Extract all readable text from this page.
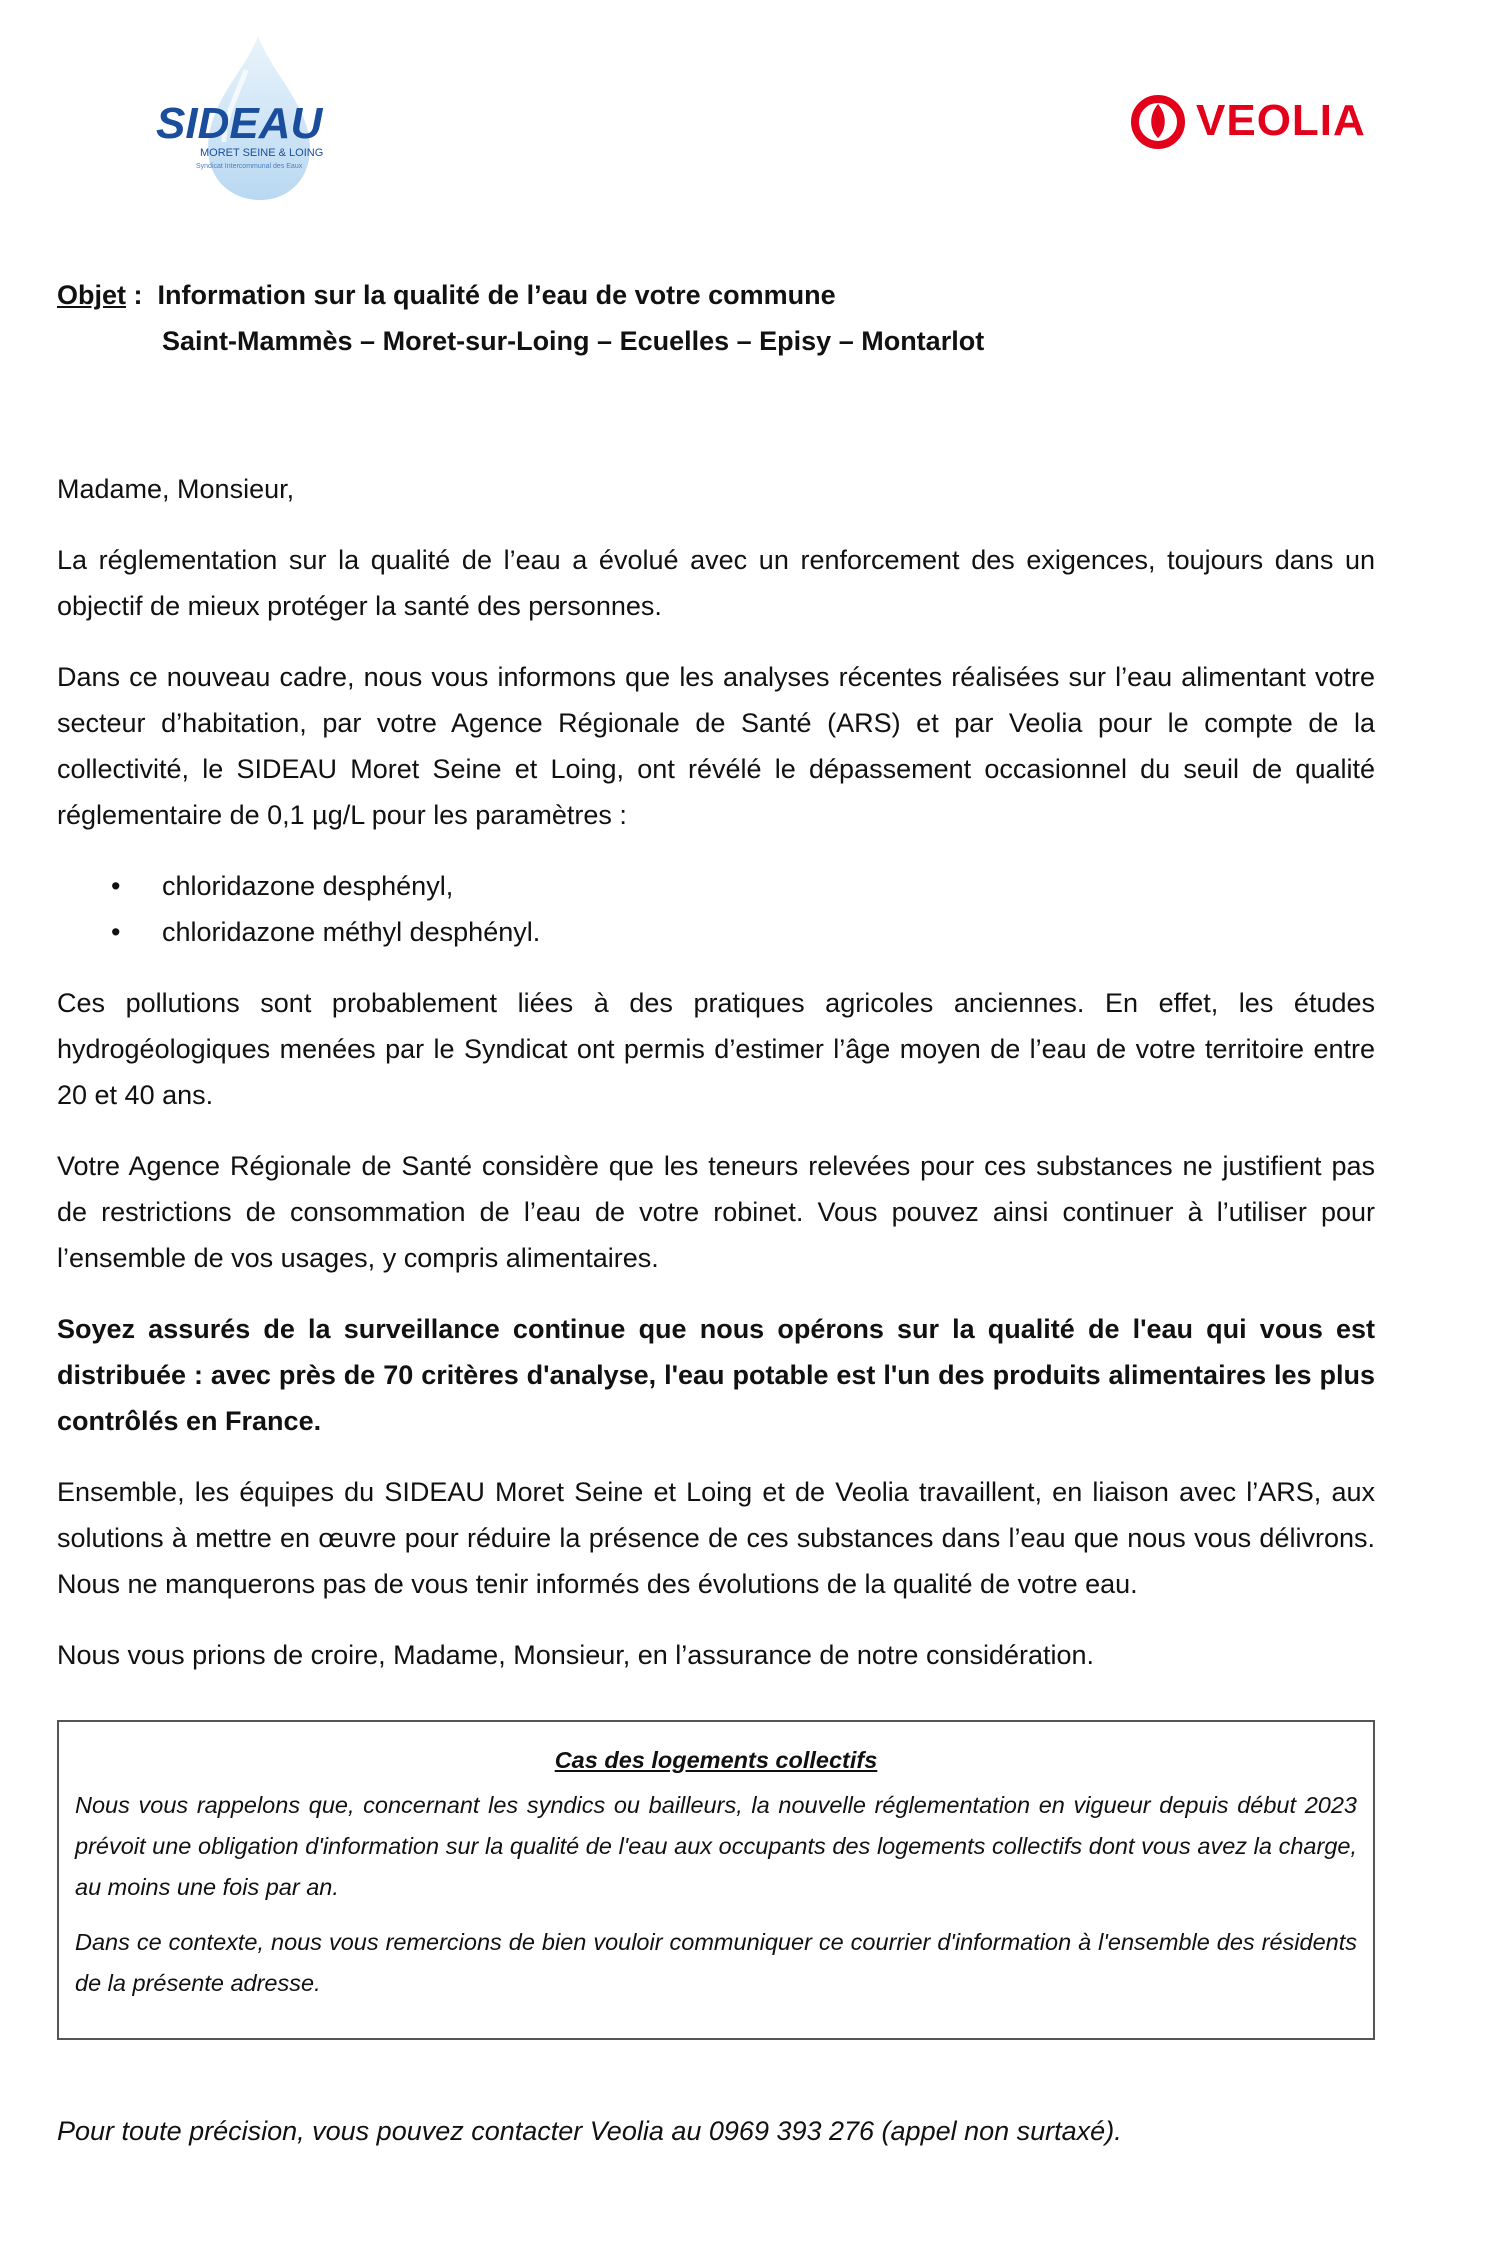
SIDEAU
MORET SEINE & LOING
Syndicat Intercommunal des Eaux
VEOLIA
Objet : Information sur la qualité de l’eau de votre commune
Saint-Mammès – Moret-sur-Loing – Ecuelles – Episy – Montarlot

Madame, Monsieur,

La réglementation sur la qualité de l’eau a évolué avec un renforcement des exigences, toujours dans un objectif de mieux protéger la santé des personnes.

Dans ce nouveau cadre, nous vous informons que les analyses récentes réalisées sur l’eau alimentant votre secteur d’habitation, par votre Agence Régionale de Santé (ARS) et par Veolia pour le compte de la collectivité, le SIDEAU Moret Seine et Loing, ont révélé le dépassement occasionnel du seuil de qualité réglementaire de 0,1 µg/L pour les paramètres :

• chloridazone desphényl,
• chloridazone méthyl desphényl.

Ces pollutions sont probablement liées à des pratiques agricoles anciennes. En effet, les études hydrogéologiques menées par le Syndicat ont permis d’estimer l’âge moyen de l’eau de votre territoire entre 20 et 40 ans.

Votre Agence Régionale de Santé considère que les teneurs relevées pour ces substances ne justifient pas de restrictions de consommation de l’eau de votre robinet. Vous pouvez ainsi continuer à l’utiliser pour l’ensemble de vos usages, y compris alimentaires.

Soyez assurés de la surveillance continue que nous opérons sur la qualité de l'eau qui vous est distribuée : avec près de 70 critères d'analyse, l'eau potable est l'un des produits alimentaires les plus contrôlés en France.

Ensemble, les équipes du SIDEAU Moret Seine et Loing et de Veolia travaillent, en liaison avec l’ARS, aux solutions à mettre en œuvre pour réduire la présence de ces substances dans l’eau que nous vous délivrons. Nous ne manquerons pas de vous tenir informés des évolutions de la qualité de votre eau.

Nous vous prions de croire, Madame, Monsieur, en l’assurance de notre considération.

Cas des logements collectifs

Nous vous rappelons que, concernant les syndics ou bailleurs, la nouvelle réglementation en vigueur depuis début 2023 prévoit une obligation d'information sur la qualité de l'eau aux occupants des logements collectifs dont vous avez la charge, au moins une fois par an.

Dans ce contexte, nous vous remercions de bien vouloir communiquer ce courrier d'information à l'ensemble des résidents de la présente adresse.

Pour toute précision, vous pouvez contacter Veolia au 0969 393 276 (appel non surtaxé).
